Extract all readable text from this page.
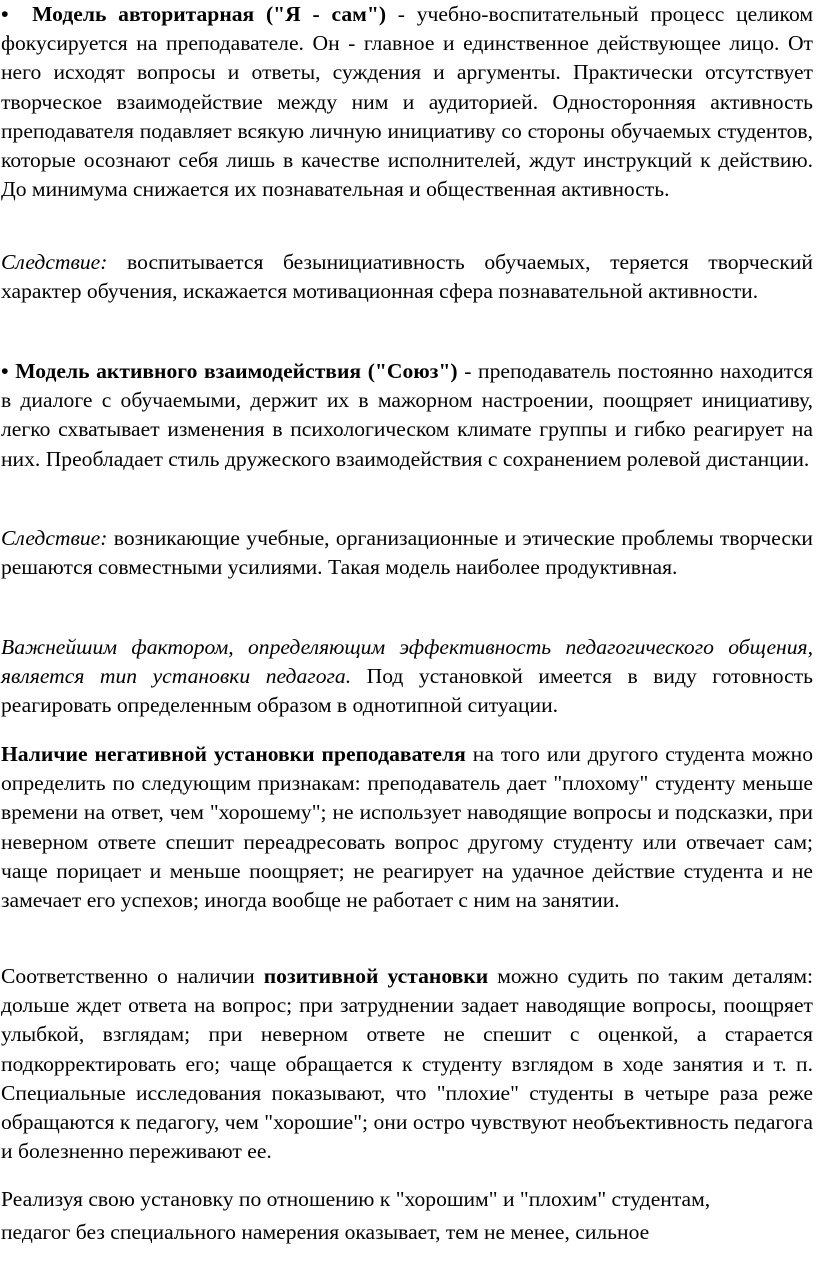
• Модель авторитарная ("Я - сам") - учебно-воспитательный процесс целиком фокусируется на преподавателе. Он - главное и единственное действующее лицо. От него исходят вопросы и ответы, суждения и аргументы. Практически отсутствует творческое взаимодействие между ним и аудиторией. Односторонняя активность преподавателя подавляет всякую личную инициативу со стороны обучаемых студентов, которые осознают себя лишь в качестве исполнителей, ждут инструкций к действию. До минимума снижается их познавательная и общественная активность.

Следствие: воспитывается безынициативность обучаемых, теряется творческий характер обучения, искажается мотивационная сфера познавательной активности.

• Модель активного взаимодействия ("Союз") - преподаватель постоянно находится в диалоге с обучаемыми, держит их в мажорном настроении, поощряет инициативу, легко схватывает изменения в психологическом климате группы и гибко реагирует на них. Преобладает стиль дружеского взаимодействия с сохранением ролевой дистанции.

Следствие: возникающие учебные, организационные и этические проблемы творчески решаются совместными усилиями. Такая модель наиболее продуктивная.

Важнейшим фактором, определяющим эффективность педагогического общения, является тип установки педагога. Под установкой имеется в виду готовность реагировать определенным образом в однотипной ситуации.

Наличие негативной установки преподавателя на того или другого студента можно определить по следующим признакам: преподаватель дает "плохому" студенту меньше времени на ответ, чем "хорошему"; не использует наводящие вопросы и подсказки, при неверном ответе спешит переадресовать вопрос другому студенту или отвечает сам; чаще порицает и меньше поощряет; не реагирует на удачное действие студента и не замечает его успехов; иногда вообще не работает с ним на занятии.

Соответственно о наличии позитивной установки можно судить по таким деталям: дольше ждет ответа на вопрос; при затруднении задает наводящие вопросы, поощряет улыбкой, взглядам; при неверном ответе не спешит с оценкой, а старается подкорректировать его; чаще обращается к студенту взглядом в ходе занятия и т. п. Специальные исследования показывают, что "плохие" студенты в четыре раза реже обращаются к педагогу, чем "хорошие"; они остро чувствуют необъективность педагога и болезненно переживают ее.

Реализуя свою установку по отношению к "хорошим" и "плохим" студентам,
педагог без специального намерения оказывает, тем не менее, сильное
